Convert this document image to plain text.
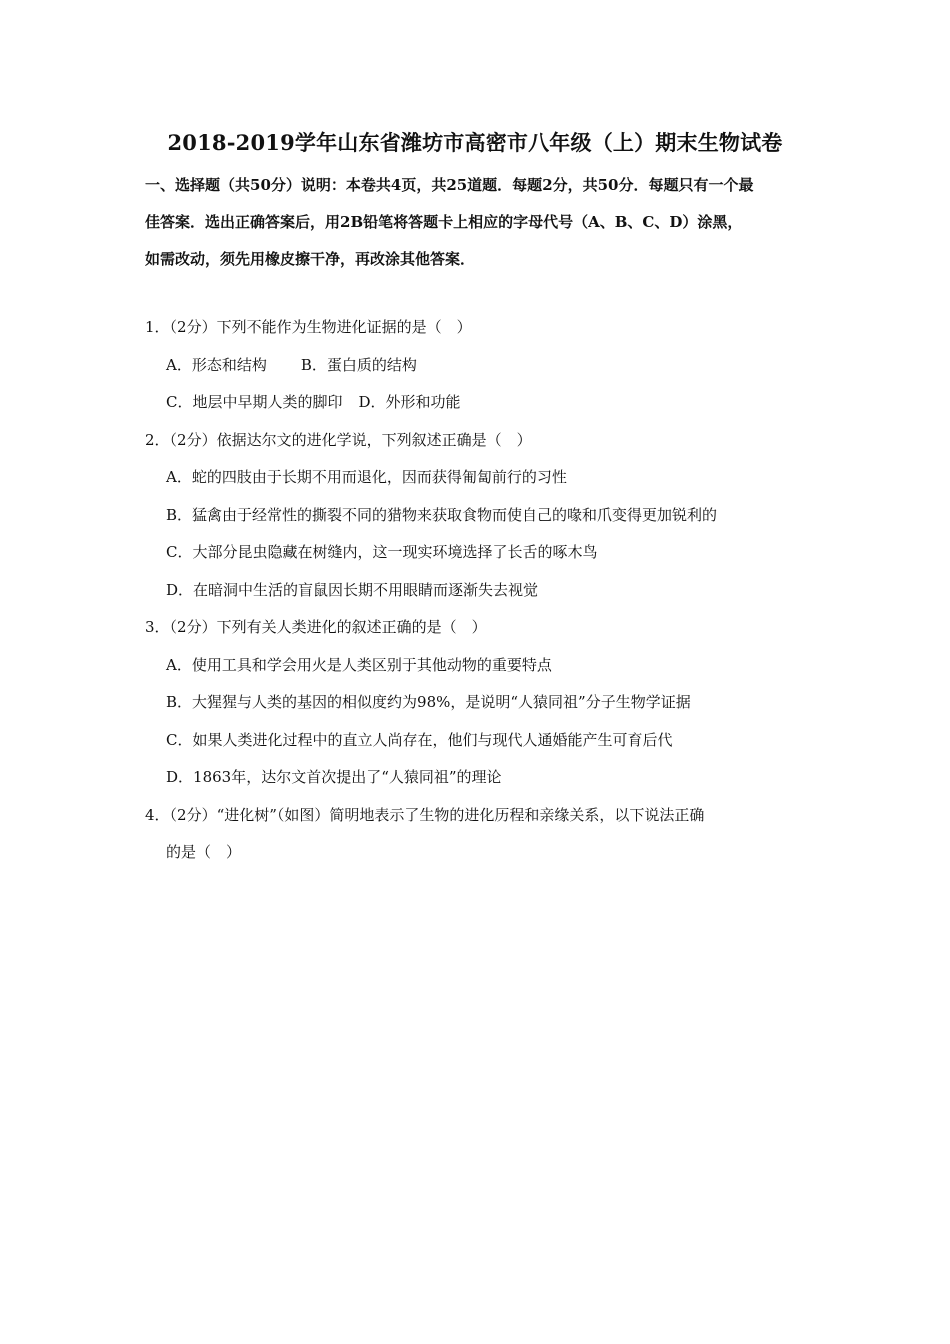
2018-2019学年山东省潍坊市高密市八年级（上）期末生物试卷
一、选择题（共50分）说明：本卷共4页，共25道题．每题2分，共50分．每题只有一个最
佳答案．选出正确答案后，用2B铅笔将答题卡上相应的字母代号（A、B、C、D）涂黑，
如需改动，须先用橡皮擦干净，再改涂其他答案．
1．（2分）下列不能作为生物进化证据的是（　）
A．形态和结构 B．蛋白质的结构
C．地层中早期人类的脚印 D．外形和功能
2．（2分）依据达尔文的进化学说，下列叙述正确是（　）
A．蛇的四肢由于长期不用而退化，因而获得匍匐前行的习性
B．猛禽由于经常性的撕裂不同的猎物来获取食物而使自己的喙和爪变得更加锐利的
C．大部分昆虫隐藏在树缝内，这一现实环境选择了长舌的啄木鸟
D．在暗洞中生活的盲鼠因长期不用眼睛而逐渐失去视觉
3．（2分）下列有关人类进化的叙述正确的是（　）
A．使用工具和学会用火是人类区别于其他动物的重要特点
B．大猩猩与人类的基因的相似度约为98%，是说明“人猿同祖”分子生物学证据
C．如果人类进化过程中的直立人尚存在，他们与现代人通婚能产生可育后代
D．1863年，达尔文首次提出了“人猿同祖”的理论
4．（2分）“进化树”（如图）简明地表示了生物的进化历程和亲缘关系，以下说法正确
的是（　）
